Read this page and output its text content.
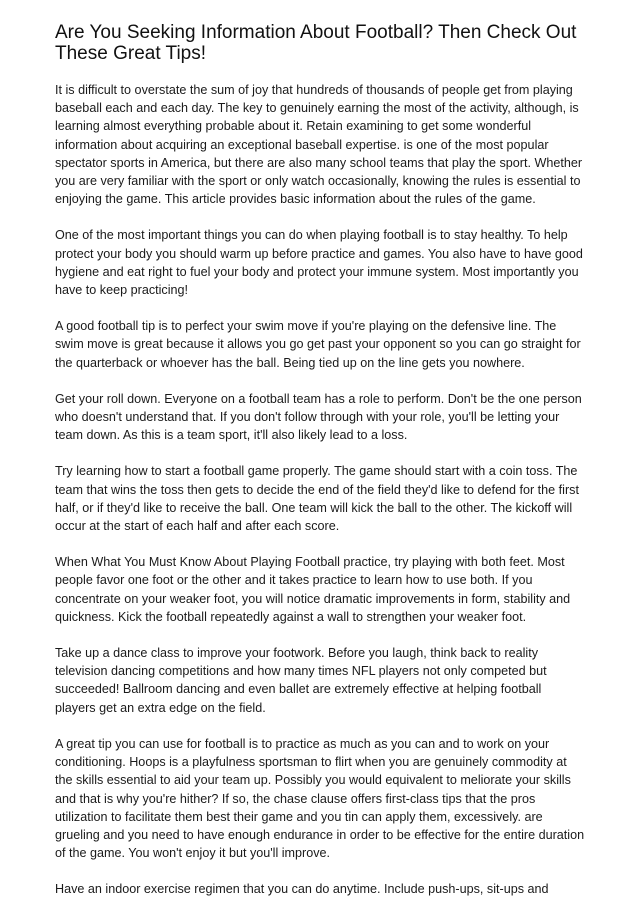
Are You Seeking Information About Football? Then Check Out These Great Tips!

It is difficult to overstate the sum of joy that hundreds of thousands of people get from playing baseball each and each day. The key to genuinely earning the most of the activity, although, is learning almost everything probable about it. Retain examining to get some wonderful information about acquiring an exceptional baseball expertise. is one of the most popular spectator sports in America, but there are also many school teams that play the sport. Whether you are very familiar with the sport or only watch occasionally, knowing the rules is essential to enjoying the game. This article provides basic information about the rules of the game.

One of the most important things you can do when playing football is to stay healthy. To help protect your body you should warm up before practice and games. You also have to have good hygiene and eat right to fuel your body and protect your immune system. Most importantly you have to keep practicing!

A good football tip is to perfect your swim move if you're playing on the defensive line. The swim move is great because it allows you go get past your opponent so you can go straight for the quarterback or whoever has the ball. Being tied up on the line gets you nowhere.

Get your roll down. Everyone on a football team has a role to perform. Don't be the one person who doesn't understand that. If you don't follow through with your role, you'll be letting your team down. As this is a team sport, it'll also likely lead to a loss.

Try learning how to start a football game properly. The game should start with a coin toss. The team that wins the toss then gets to decide the end of the field they'd like to defend for the first half, or if they'd like to receive the ball. One team will kick the ball to the other. The kickoff will occur at the start of each half and after each score.

When What You Must Know About Playing Football practice, try playing with both feet. Most people favor one foot or the other and it takes practice to learn how to use both. If you concentrate on your weaker foot, you will notice dramatic improvements in form, stability and quickness. Kick the football repeatedly against a wall to strengthen your weaker foot.

Take up a dance class to improve your footwork. Before you laugh, think back to reality television dancing competitions and how many times NFL players not only competed but succeeded! Ballroom dancing and even ballet are extremely effective at helping football players get an extra edge on the field.

A great tip you can use for football is to practice as much as you can and to work on your conditioning. Hoops is a playfulness sportsman to flirt when you are genuinely commodity at the skills essential to aid your team up. Possibly you would equivalent to meliorate your skills and that is why you're hither? If so, the chase clause offers first-class tips that the pros utilization to facilitate them best their game and you tin can apply them, excessively. are grueling and you need to have enough endurance in order to be effective for the entire duration of the game. You won't enjoy it but you'll improve.

Have an indoor exercise regimen that you can do anytime. Include push-ups, sit-ups and
